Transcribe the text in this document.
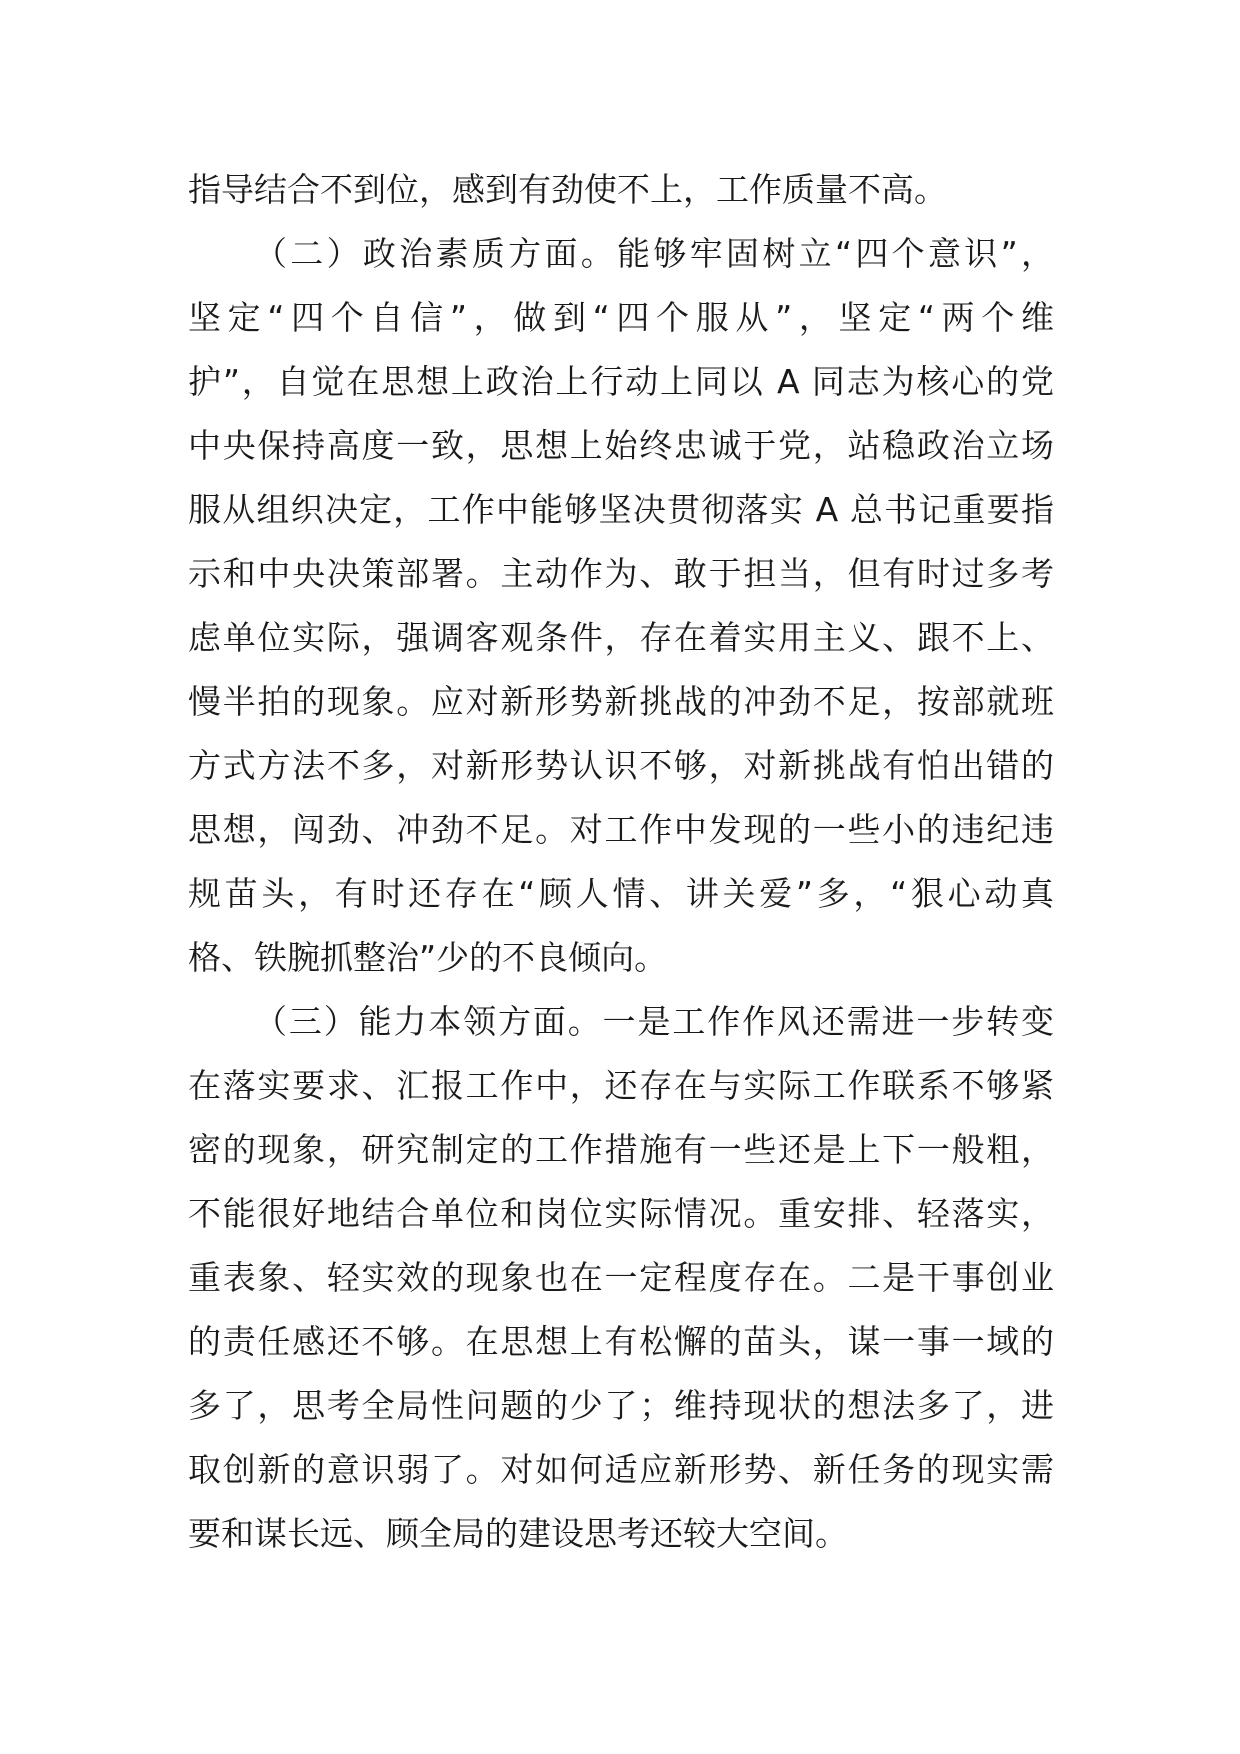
指导结合不到位，感到有劲使不上，工作质量不高。
（二）政治素质方面。能够牢固树立“四个意识”，
坚定“四个自信”，做到“四个服从”，坚定“两个维
护”，自觉在思想上政治上行动上同以 A 同志为核心的党
中央保持高度一致，思想上始终忠诚于党，站稳政治立场
服从组织决定，工作中能够坚决贯彻落实 A 总书记重要指
示和中央决策部署。主动作为、敢于担当，但有时过多考
虑单位实际，强调客观条件，存在着实用主义、跟不上、
慢半拍的现象。应对新形势新挑战的冲劲不足，按部就班
方式方法不多，对新形势认识不够，对新挑战有怕出错的
思想，闯劲、冲劲不足。对工作中发现的一些小的违纪违
规苗头，有时还存在“顾人情、讲关爱”多，“狠心动真
格、铁腕抓整治”少的不良倾向。
（三）能力本领方面。一是工作作风还需进一步转变
在落实要求、汇报工作中，还存在与实际工作联系不够紧
密的现象，研究制定的工作措施有一些还是上下一般粗，
不能很好地结合单位和岗位实际情况。重安排、轻落实，
重表象、轻实效的现象也在一定程度存在。二是干事创业
的责任感还不够。在思想上有松懈的苗头，谋一事一域的
多了，思考全局性问题的少了；维持现状的想法多了，进
取创新的意识弱了。对如何适应新形势、新任务的现实需
要和谋长远、顾全局的建设思考还较大空间。
